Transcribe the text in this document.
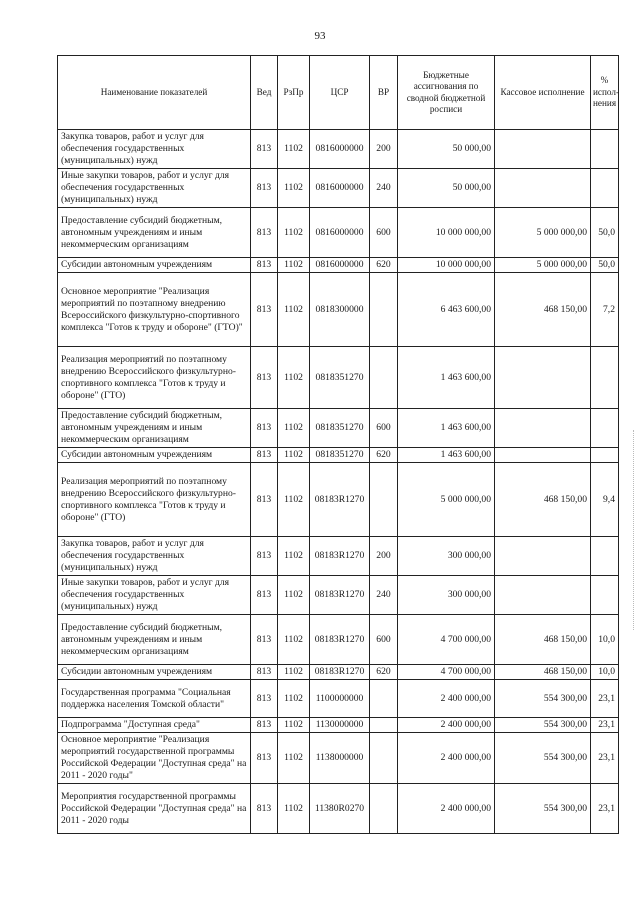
93
Наименование показателей	Вед	РзПр	ЦСР	ВР	Бюджетные ассигнования по сводной бюджетной росписи	Кассовое исполнение	% испол-нения
Закупка товаров, работ и услуг для обеспечения государственных (муниципальных) нужд	813	1102	0816000000	200	50 000,00		
Иные закупки товаров, работ и услуг для обеспечения государственных (муниципальных) нужд	813	1102	0816000000	240	50 000,00		
Предоставление субсидий бюджетным, автономным учреждениям и иным некоммерческим организациям	813	1102	0816000000	600	10 000 000,00	5 000 000,00	50,0
Субсидии автономным учреждениям	813	1102	0816000000	620	10 000 000,00	5 000 000,00	50,0
Основное мероприятие "Реализация мероприятий по поэтапному внедрению Всероссийского физкультурно-спортивного комплекса "Готов к труду и обороне" (ГТО)"	813	1102	0818300000		6 463 600,00	468 150,00	7,2
Реализация мероприятий по поэтапному внедрению Всероссийского физкультурно-спортивного комплекса "Готов к труду и обороне" (ГТО)	813	1102	0818351270		1 463 600,00		
Предоставление субсидий бюджетным, автономным учреждениям и иным некоммерческим организациям	813	1102	0818351270	600	1 463 600,00		
Субсидии автономным учреждениям	813	1102	0818351270	620	1 463 600,00		
Реализация мероприятий по поэтапному внедрению Всероссийского физкультурно-спортивного комплекса "Готов к труду и обороне" (ГТО)	813	1102	08183R1270		5 000 000,00	468 150,00	9,4
Закупка товаров, работ и услуг для обеспечения государственных (муниципальных) нужд	813	1102	08183R1270	200	300 000,00		
Иные закупки товаров, работ и услуг для обеспечения государственных (муниципальных) нужд	813	1102	08183R1270	240	300 000,00		
Предоставление субсидий бюджетным, автономным учреждениям и иным некоммерческим организациям	813	1102	08183R1270	600	4 700 000,00	468 150,00	10,0
Субсидии автономным учреждениям	813	1102	08183R1270	620	4 700 000,00	468 150,00	10,0
Государственная программа "Социальная поддержка населения Томской области"	813	1102	1100000000		2 400 000,00	554 300,00	23,1
Подпрограмма "Доступная среда"	813	1102	1130000000		2 400 000,00	554 300,00	23,1
Основное мероприятие "Реализация мероприятий государственной программы Российской Федерации "Доступная среда" на 2011 - 2020 годы"	813	1102	1138000000		2 400 000,00	554 300,00	23,1
Мероприятия государственной программы Российской Федерации "Доступная среда" на 2011 - 2020 годы	813	1102	11380R0270		2 400 000,00	554 300,00	23,1
